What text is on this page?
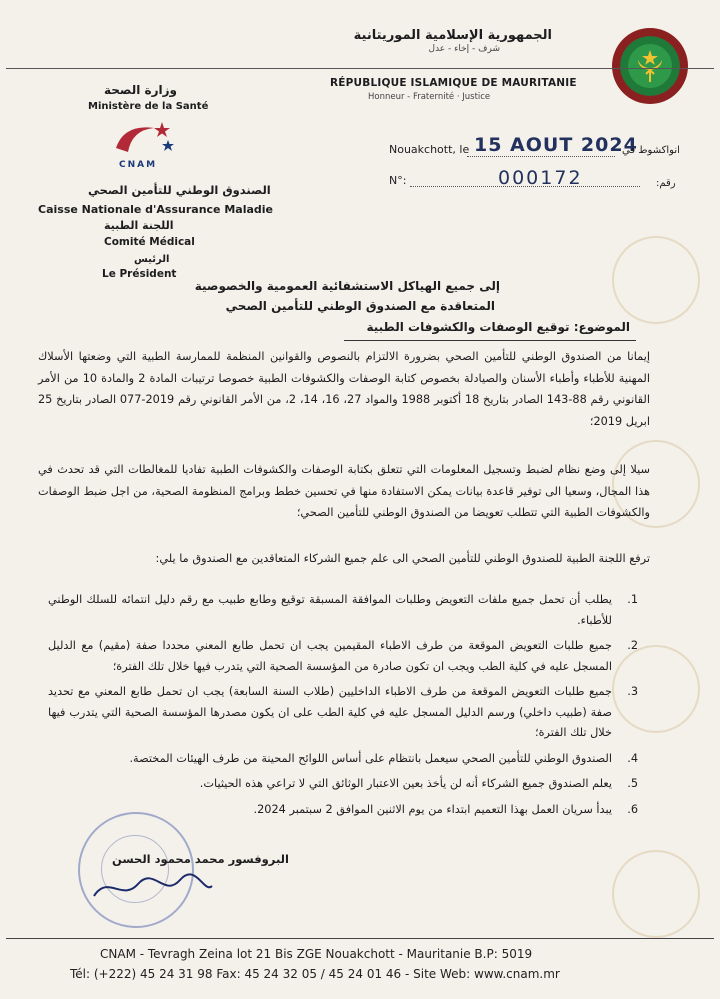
الجمهورية الإسلامية الموريتانية
شرف - إخاء - عدل
RÉPUBLIQUE ISLAMIQUE DE MAURITANIE
Honneur - Fraternité · Justice
وزارة الصحة
Ministère de la Santé
CNAM
الصندوق الوطني للتأمين الصحي
Caisse Nationale d'Assurance Maladie
اللجنة الطبية
Comité Médical
الرئيس
Le Président
Nouakchott, le 15 AOUT 2024
انواكشوط في
N°:	000172	رقم:
إلى جميع الهياكل الاستشفائية العمومية والخصوصية
المتعاقدة مع الصندوق الوطني للتأمين الصحي
الموضوع: توقيع الوصفات والكشوفات الطبية
إيمانا من الصندوق الوطني للتأمين الصحي بضرورة الالتزام بالنصوص والقوانين المنظمة للممارسة الطبية التي وضعتها الأسلاك المهنية للأطباء وأطباء الأسنان والصيادلة بخصوص كتابة الوصفات والكشوفات الطبية خصوصا ترتيبات المادة 2 والمادة 10 من الأمر القانوني رقم 88-143 الصادر بتاريخ 18 أكتوبر 1988 والمواد 27، 16، 14، 2، من الأمر القانوني رقم 2019-077 الصادر بتاريخ 25 ابريل 2019؛
سيلا إلى وضع نظام لضبط وتسجيل المعلومات التي تتعلق بكتابة الوصفات والكشوفات الطبية تفاديا للمغالطات التي قد تحدث في هذا المجال، وسعيا الى توفير قاعدة بيانات يمكن الاستفادة منها في تحسين خطط وبرامج المنظومة الصحية، من اجل ضبط الوصفات والكشوفات الطبية التي تتطلب تعويضا من الصندوق الوطني للتأمين الصحي؛
ترفع اللجنة الطبية للصندوق الوطني للتأمين الصحي الى علم جميع الشركاء المتعاقدين مع الصندوق ما يلي:
1.
يطلب أن تحمل جميع ملفات التعويض وطلبات الموافقة المسبقة توقيع وطابع طبيب مع رقم دليل انتمائه للسلك الوطني للأطباء.
2.
جميع طلبات التعويض الموقعة من طرف الاطباء المقيمين يجب ان تحمل طابع المعني محددا صفة (مقيم) مع الدليل المسجل عليه في كلية الطب ويجب ان تكون صادرة من المؤسسة الصحية التي يتدرب فيها خلال تلك الفترة؛
3.
جميع طلبات التعويض الموقعة من طرف الاطباء الداخليين (طلاب السنة السابعة) يجب ان تحمل طابع المعني مع تحديد صفة (طبيب داخلي) ورسم الدليل المسجل عليه في كلية الطب على ان يكون مصدرها المؤسسة الصحية التي يتدرب فيها خلال تلك الفترة؛
4.
الصندوق الوطني للتأمين الصحي سيعمل بانتظام على أساس اللوائح المحينة من طرف الهيئات المختصة.
5.
يعلم الصندوق جميع الشركاء أنه لن يأخذ بعين الاعتبار الوثائق التي لا تراعي هذه الحيثيات.
6.
يبدأ سريان العمل بهذا التعميم ابتداء من يوم الاثنين الموافق 2 سبتمبر 2024.
البروفسور محمد محمود الحسن
CNAM - Tevragh Zeina lot 21 Bis ZGE Nouakchott - Mauritanie B.P: 5019
Tél: (+222) 45 24 31 98 Fax: 45 24 32 05 / 45 24 01 46 - Site Web: www.cnam.mr
